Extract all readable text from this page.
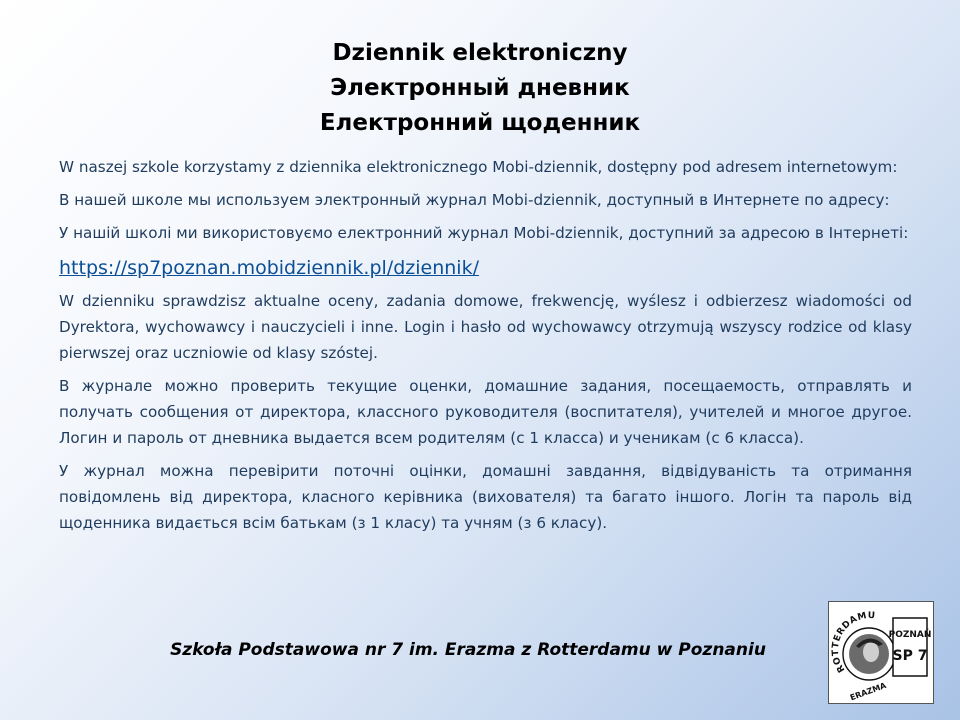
Dziennik elektroniczny
Электронный дневник
Електронний щоденник

W naszej szkole korzystamy z dziennika elektronicznego Mobi-dziennik, dostępny pod adresem internetowym:

В нашей школе мы используем электронный журнал Mobi-dziennik, доступный в Интернете по адресу:

У нашій школі ми використовуємо електронний журнал Mobi-dziennik, доступний за адресою в Інтернеті:

https://sp7poznan.mobidziennik.pl/dziennik/

W dzienniku sprawdzisz aktualne oceny, zadania domowe, frekwencję, wyślesz i odbierzesz wiadomości od Dyrektora, wychowawcy i nauczycieli i inne. Login i hasło od wychowawcy otrzymują wszyscy rodzice od klasy pierwszej oraz uczniowie od klasy szóstej.

В журнале можно проверить текущие оценки, домашние задания, посещаемость, отправлять и получать сообщения от директора, классного руководителя (воспитателя), учителей и многое другое. Логин и пароль от дневника выдается всем родителям (с 1 класса) и ученикам (с 6 класса).

У журнал можна перевірити поточні оцінки, домашні завдання, відвідуваність та отримання повідомлень від директора, класного керівника (вихователя) та багато іншого. Логін та пароль від щоденника видається всім батькам (з 1 класу) та учням (з 6 класу).

Szkoła Podstawowa nr 7 im. Erazma z Rotterdamu w Poznaniu
ROTTERDAMU
ERAZMA
POZNAŃ
SP 7
